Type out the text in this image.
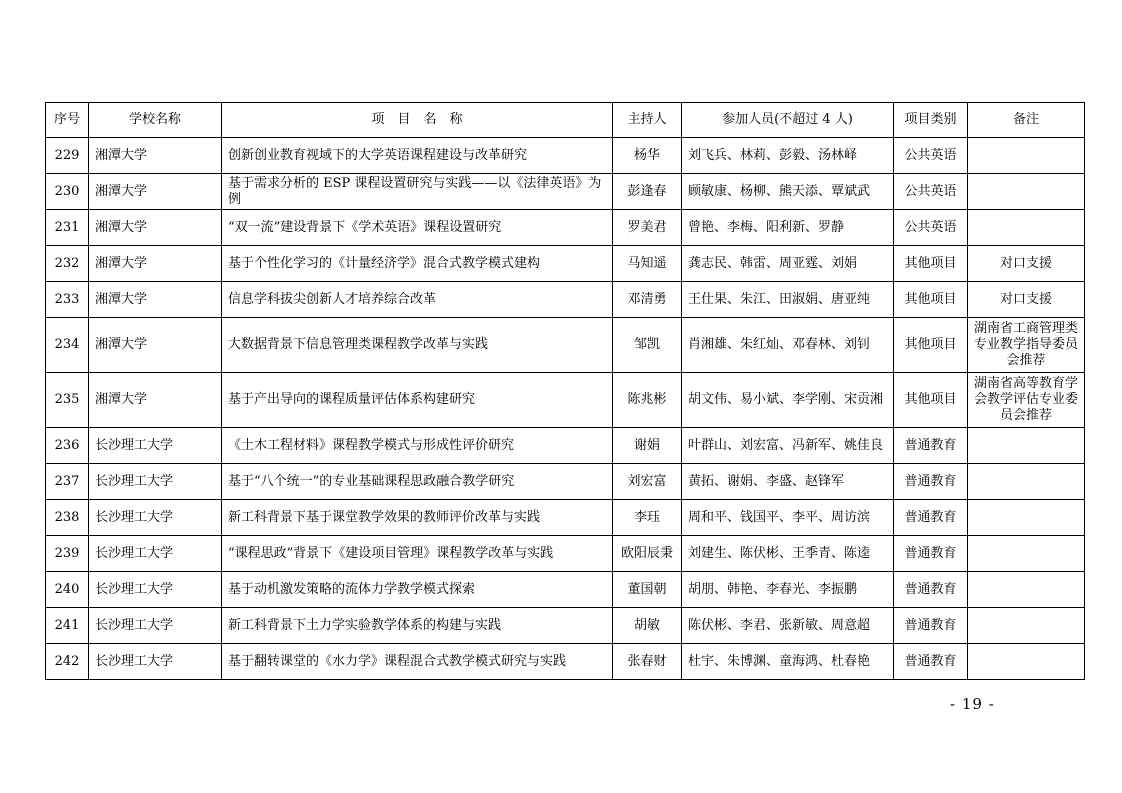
序号	学校名称	项　目　名　称	主持人	参加人员(不超过 4 人)	项目类别	备注
229	湘潭大学	创新创业教育视域下的大学英语课程建设与改革研究	杨华	刘飞兵、林莉、彭毅、汤林峄	公共英语	
230	湘潭大学	基于需求分析的 ESP 课程设置研究与实践——以《法律英语》为例	彭逢春	顾敏康、杨柳、熊天添、覃斌武	公共英语	
231	湘潭大学	“双一流”建设背景下《学术英语》课程设置研究	罗美君	曾艳、李梅、阳利新、罗静	公共英语	
232	湘潭大学	基于个性化学习的《计量经济学》混合式教学模式建构	马知遥	龚志民、韩雷、周亚霆、刘娟	其他项目	对口支援
233	湘潭大学	信息学科拔尖创新人才培养综合改革	邓清勇	王仕果、朱江、田淑娟、唐亚纯	其他项目	对口支援
234	湘潭大学	大数据背景下信息管理类课程教学改革与实践	邹凯	肖湘雄、朱红灿、邓春林、刘钊	其他项目	湖南省工商管理类专业教学指导委员会推荐
235	湘潭大学	基于产出导向的课程质量评估体系构建研究	陈兆彬	胡文伟、易小斌、李学刚、宋贡湘	其他项目	湖南省高等教育学会教学评估专业委员会推荐
236	长沙理工大学	《土木工程材料》课程教学模式与形成性评价研究	谢娟	叶群山、刘宏富、冯新军、姚佳良	普通教育	
237	长沙理工大学	基于“八个统一”的专业基础课程思政融合教学研究	刘宏富	黄拓、谢娟、李盛、赵锋军	普通教育	
238	长沙理工大学	新工科背景下基于课堂教学效果的教师评价改革与实践	李珏	周和平、钱国平、李平、周访滨	普通教育	
239	长沙理工大学	“课程思政”背景下《建设项目管理》课程教学改革与实践	欧阳辰秉	刘建生、陈伏彬、王季青、陈逵	普通教育	
240	长沙理工大学	基于动机激发策略的流体力学教学模式探索	董国朝	胡朋、韩艳、李春光、李振鹏	普通教育	
241	长沙理工大学	新工科背景下土力学实验教学体系的构建与实践	胡敏	陈伏彬、李君、张新敏、周意超	普通教育	
242	长沙理工大学	基于翻转课堂的《水力学》课程混合式教学模式研究与实践	张春财	杜宇、朱博渊、童海鸿、杜春艳	普通教育	
- 19 -
